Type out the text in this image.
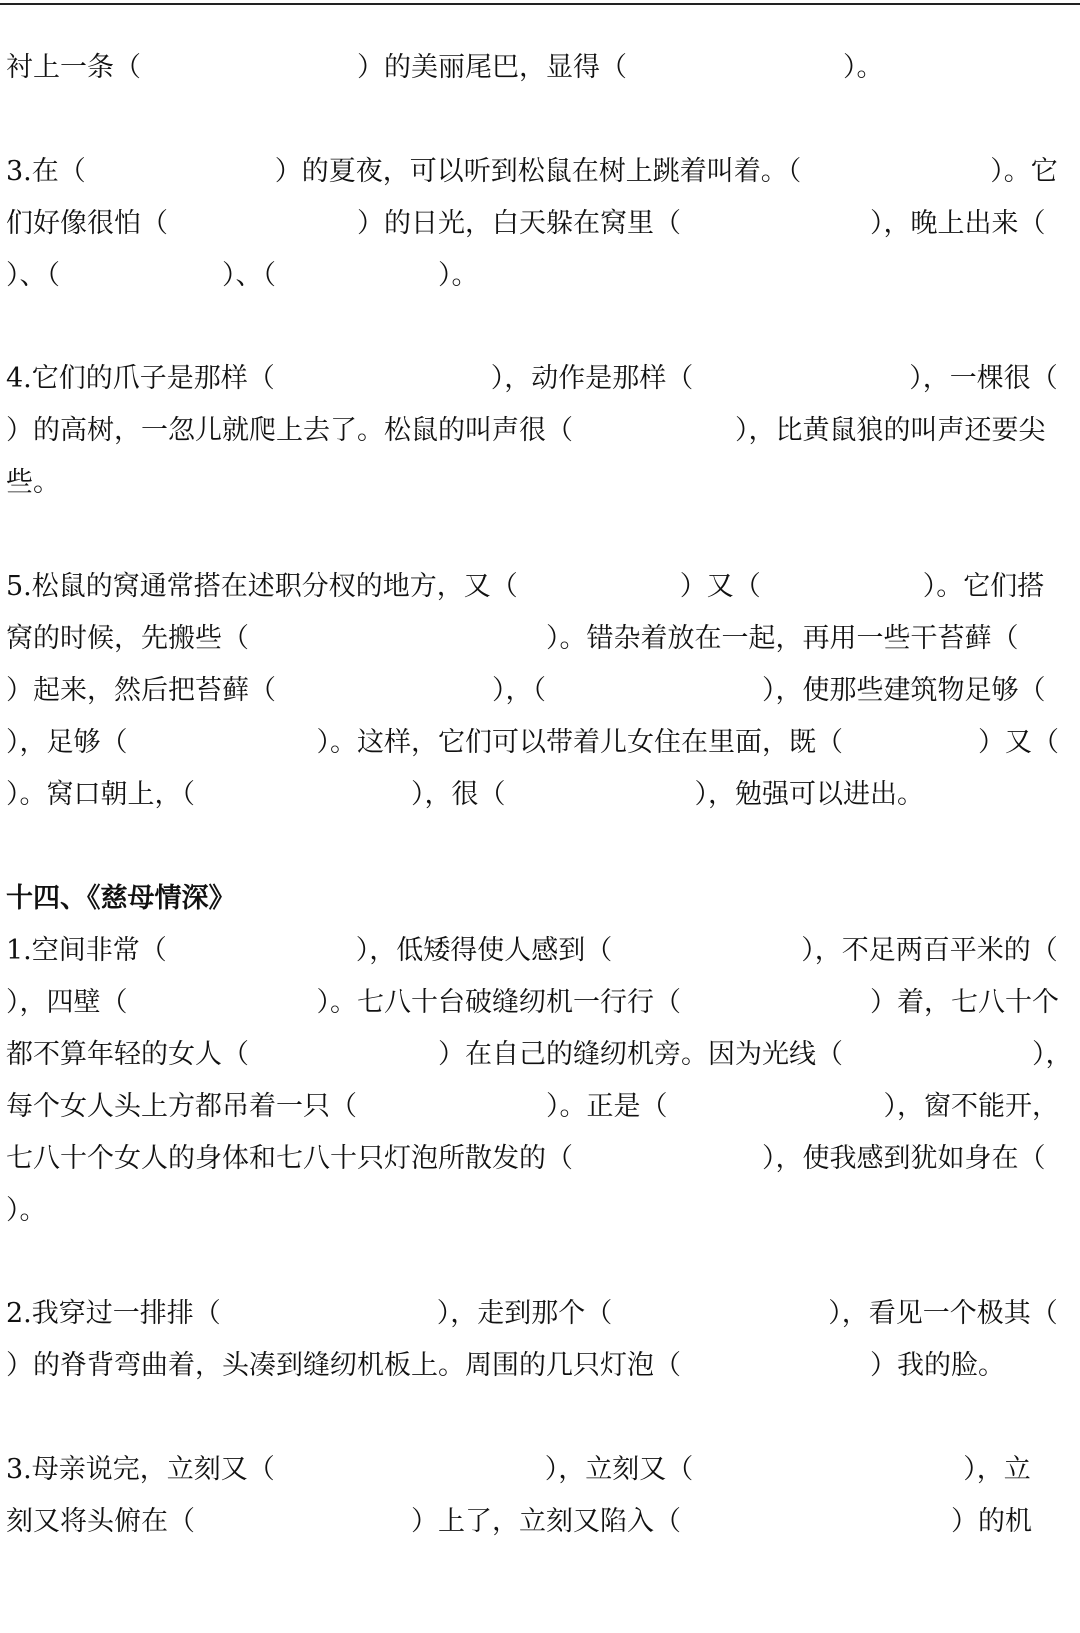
衬上一条（　　　　　　　　）的美丽尾巴，显得（　　　　　　　　）。

3.在（　　　　　　　）的夏夜，可以听到松鼠在树上跳着叫着。（　　　　　　　）。它

们好像很怕（　　　　　　　）的日光，白天躲在窝里（　　　　　　　），晚上出来（

）、（　　　　　　）、（　　　　　　）。

4.它们的爪子是那样（　　　　　　　　），动作是那样（　　　　　　　　），一棵很（

）的高树，一忽儿就爬上去了。松鼠的叫声很（　　　　　　），比黄鼠狼的叫声还要尖

些。

5.松鼠的窝通常搭在述职分杈的地方，又（　　　　　　）又（　　　　　　）。它们搭

窝的时候，先搬些（　　　　　　　　　　　）。错杂着放在一起，再用一些干苔藓（

）起来，然后把苔藓（　　　　　　　　），（　　　　　　　　），使那些建筑物足够（

），足够（　　　　　　　）。这样，它们可以带着儿女住在里面，既（　　　　　）又（

）。窝口朝上，（　　　　　　　　），很（　　　　　　　），勉强可以进出。

十四、《慈母情深》

1.空间非常（　　　　　　　），低矮得使人感到（　　　　　　　），不足两百平米的（

），四壁（　　　　　　　）。七八十台破缝纫机一行行（　　　　　　　）着，七八十个

都不算年轻的女人（　　　　　　　）在自己的缝纫机旁。因为光线（　　　　　　　），

每个女人头上方都吊着一只（　　　　　　　）。正是（　　　　　　　　），窗不能开，

七八十个女人的身体和七八十只灯泡所散发的（　　　　　　　），使我感到犹如身在（

）。

2.我穿过一排排（　　　　　　　　），走到那个（　　　　　　　　），看见一个极其（

）的脊背弯曲着，头凑到缝纫机板上。周围的几只灯泡（　　　　　　　）我的脸。

3.母亲说完，立刻又（　　　　　　　　　　），立刻又（　　　　　　　　　　），立

刻又将头俯在（　　　　　　　　）上了，立刻又陷入（　　　　　　　　　　）的机
